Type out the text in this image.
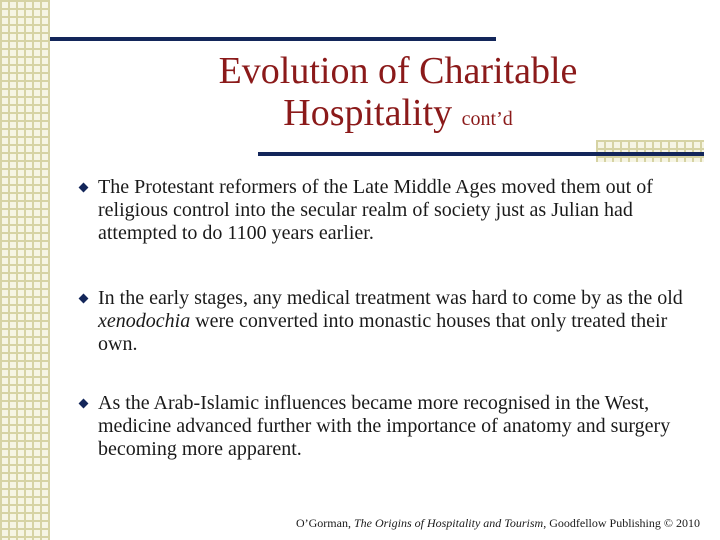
Evolution of Charitable
Hospitality cont’d
The Protestant reformers of the Late Middle Ages moved them out of religious control into the secular realm of society just as Julian had attempted to do 1100 years earlier.
In the early stages, any medical treatment was hard to come by as the old xenodochia were converted into monastic houses that only treated their own.
As the Arab-Islamic influences became more recognised in the West, medicine advanced further with the importance of anatomy and surgery becoming more apparent.
O’Gorman, The Origins of Hospitality and Tourism, Goodfellow Publishing © 2010
